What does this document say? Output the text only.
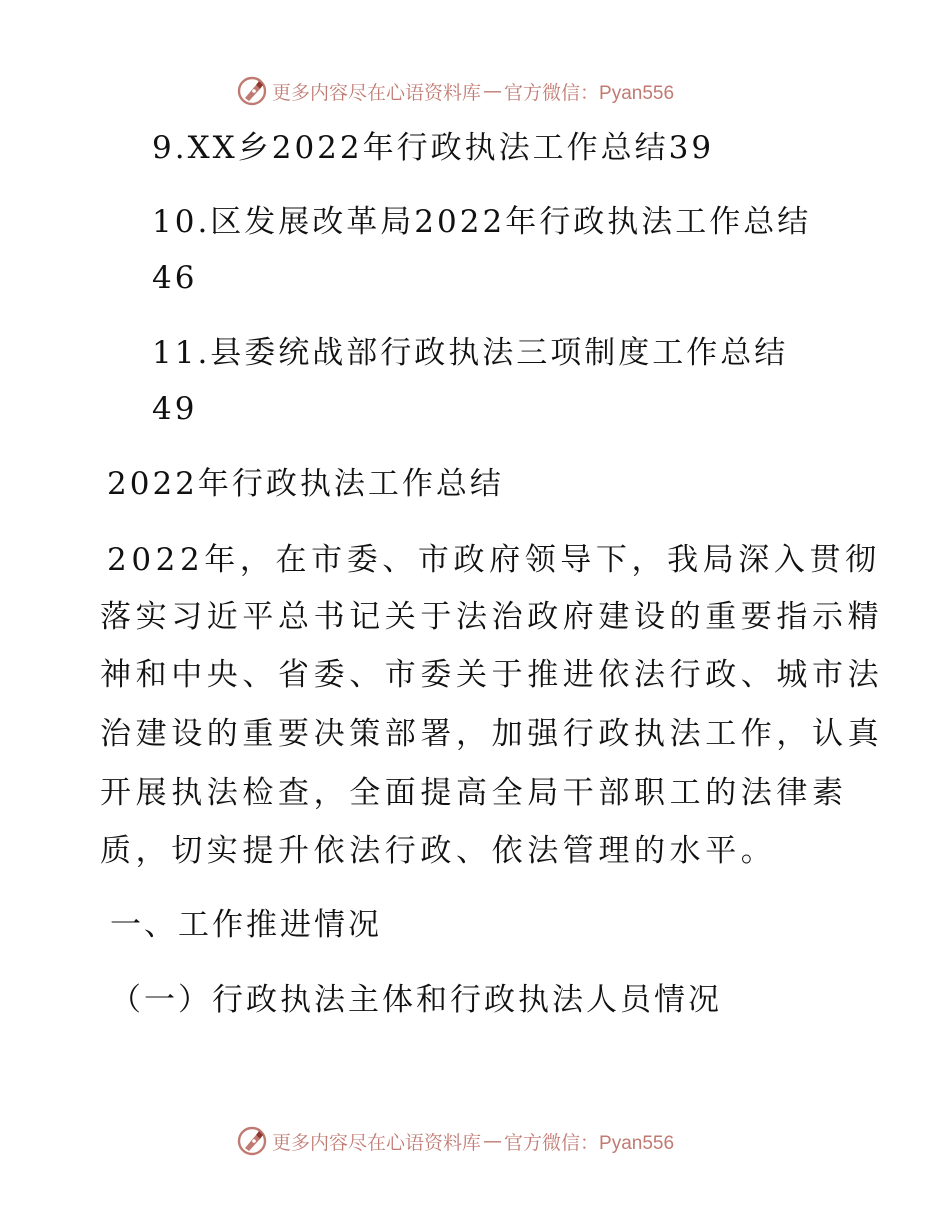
更多内容尽在心语资料库 — 官方微信：Pyan556
9.XX乡2022年行政执法工作总结39
10.区发展改革局2022年行政执法工作总结
46
11.县委统战部行政执法三项制度工作总结
49
2022年行政执法工作总结
2022年，在市委、市政府领导下，我局深入贯彻
落实习近平总书记关于法治政府建设的重要指示精
神和中央、省委、市委关于推进依法行政、城市法
治建设的重要决策部署，加强行政执法工作，认真
开展执法检查，全面提高全局干部职工的法律素
质，切实提升依法行政、依法管理的水平。
一、工作推进情况
（一）行政执法主体和行政执法人员情况
更多内容尽在心语资料库 — 官方微信：Pyan556
